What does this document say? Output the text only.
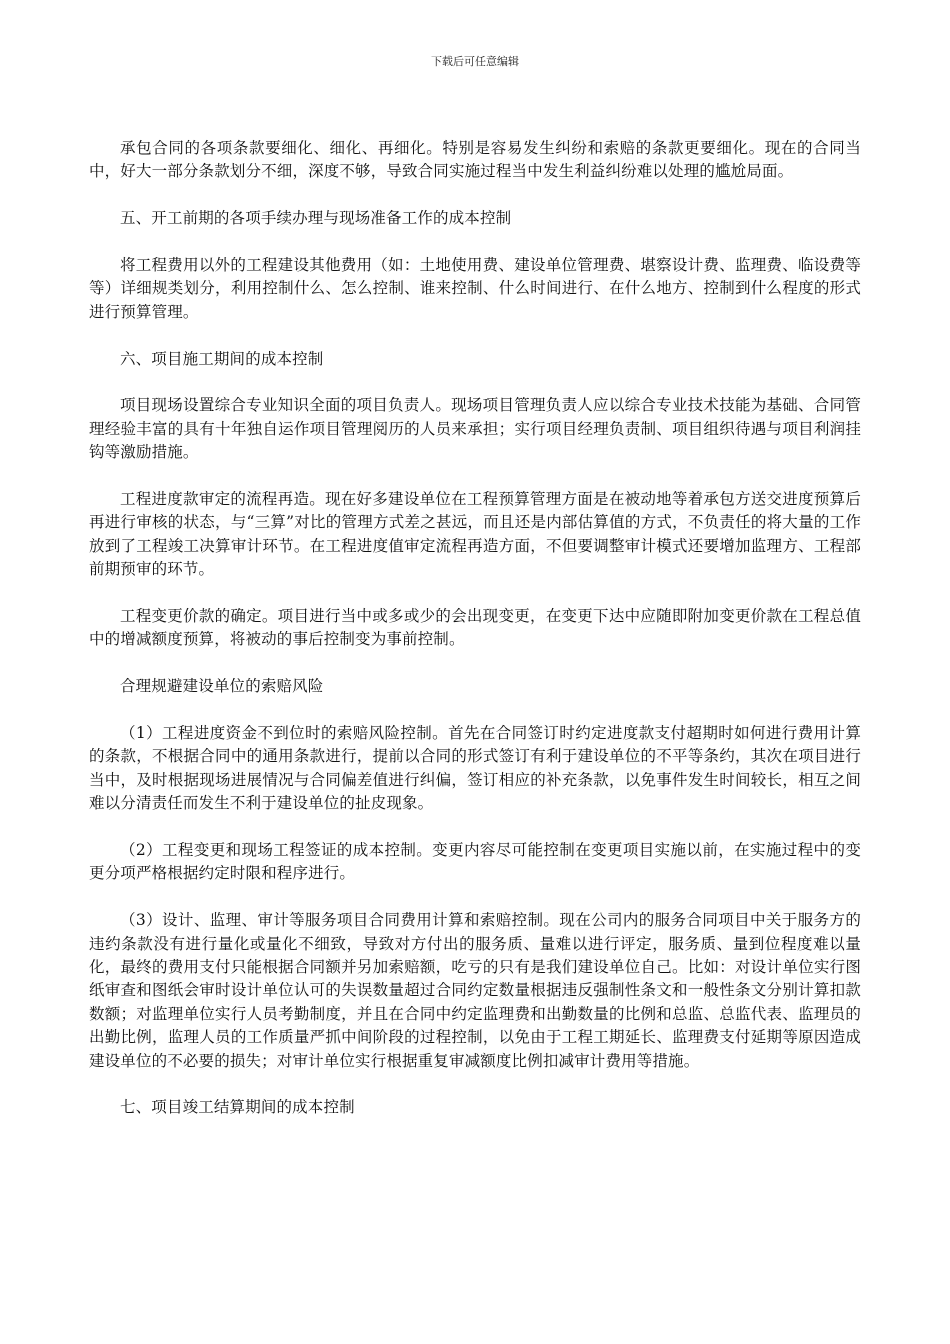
下载后可任意编辑

承包合同的各项条款要细化、细化、再细化。特别是容易发生纠纷和索赔的条款更要细化。现在的合同当中，好大一部分条款划分不细，深度不够，导致合同实施过程当中发生利益纠纷难以处理的尴尬局面。

五、开工前期的各项手续办理与现场准备工作的成本控制

将工程费用以外的工程建设其他费用（如：土地使用费、建设单位管理费、堪察设计费、监理费、临设费等等）详细规类划分，利用控制什么、怎么控制、谁来控制、什么时间进行、在什么地方、控制到什么程度的形式进行预算管理。

六、项目施工期间的成本控制

项目现场设置综合专业知识全面的项目负责人。现场项目管理负责人应以综合专业技术技能为基础、合同管理经验丰富的具有十年独自运作项目管理阅历的人员来承担；实行项目经理负责制、项目组织待遇与项目利润挂钩等激励措施。

工程进度款审定的流程再造。现在好多建设单位在工程预算管理方面是在被动地等着承包方送交进度预算后再进行审核的状态，与“三算”对比的管理方式差之甚远，而且还是内部估算值的方式，不负责任的将大量的工作放到了工程竣工决算审计环节。在工程进度值审定流程再造方面，不但要调整审计模式还要增加监理方、工程部前期预审的环节。

工程变更价款的确定。项目进行当中或多或少的会出现变更，在变更下达中应随即附加变更价款在工程总值中的增减额度预算，将被动的事后控制变为事前控制。

合理规避建设单位的索赔风险

（1）工程进度资金不到位时的索赔风险控制。首先在合同签订时约定进度款支付超期时如何进行费用计算的条款，不根据合同中的通用条款进行，提前以合同的形式签订有利于建设单位的不平等条约，其次在项目进行当中，及时根据现场进展情况与合同偏差值进行纠偏，签订相应的补充条款，以免事件发生时间较长，相互之间难以分清责任而发生不利于建设单位的扯皮现象。

（2）工程变更和现场工程签证的成本控制。变更内容尽可能控制在变更项目实施以前，在实施过程中的变更分项严格根据约定时限和程序进行。

（3）设计、监理、审计等服务项目合同费用计算和索赔控制。现在公司内的服务合同项目中关于服务方的违约条款没有进行量化或量化不细致，导致对方付出的服务质、量难以进行评定，服务质、量到位程度难以量化，最终的费用支付只能根据合同额并另加索赔额，吃亏的只有是我们建设单位自己。比如：对设计单位实行图纸审查和图纸会审时设计单位认可的失误数量超过合同约定数量根据违反强制性条文和一般性条文分别计算扣款数额；对监理单位实行人员考勤制度，并且在合同中约定监理费和出勤数量的比例和总监、总监代表、监理员的出勤比例，监理人员的工作质量严抓中间阶段的过程控制，以免由于工程工期延长、监理费支付延期等原因造成建设单位的不必要的损失；对审计单位实行根据重复审减额度比例扣减审计费用等措施。

七、项目竣工结算期间的成本控制
